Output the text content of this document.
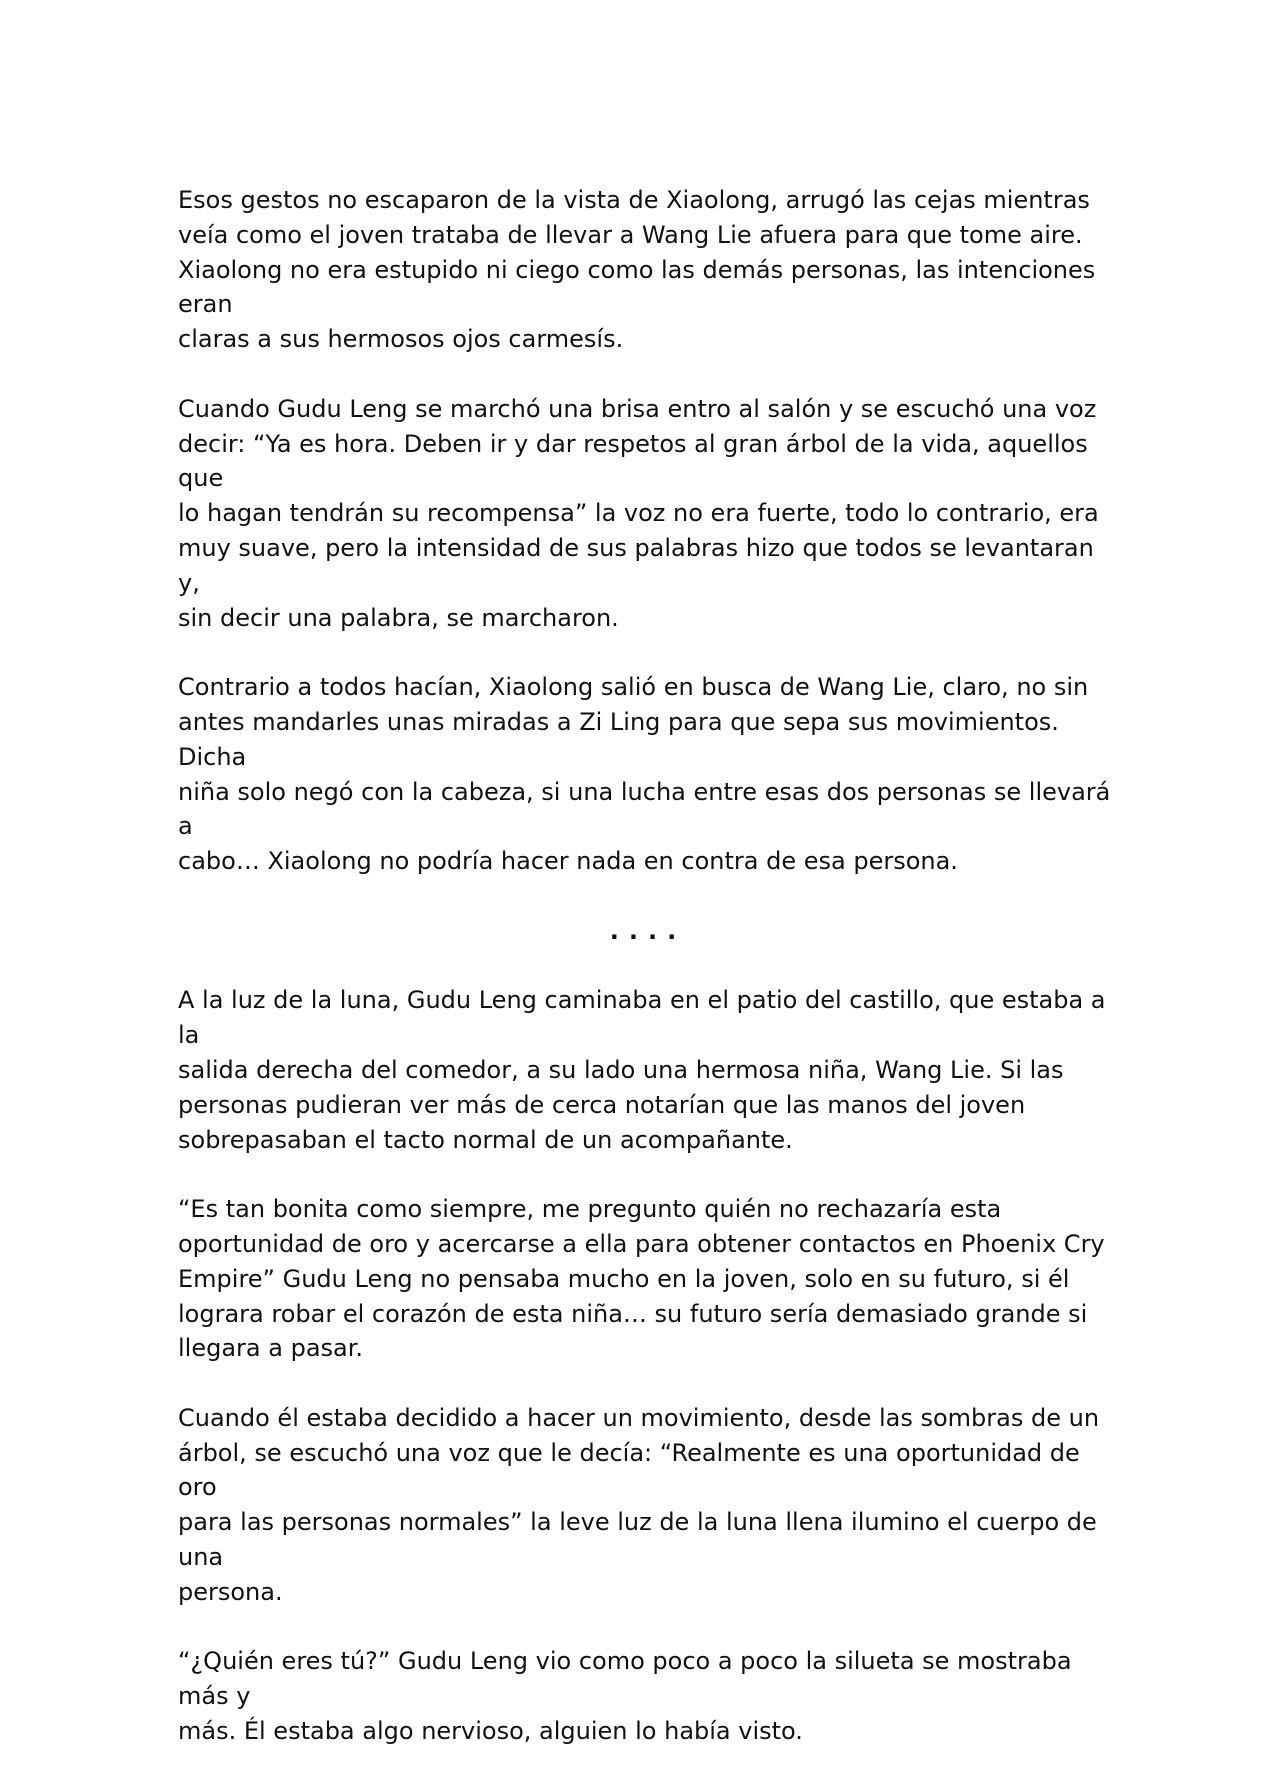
Esos gestos no escaparon de la vista de Xiaolong, arrugó las cejas mientras
veía como el joven trataba de llevar a Wang Lie afuera para que tome aire.
Xiaolong no era estupido ni ciego como las demás personas, las intenciones eran
claras a sus hermosos ojos carmesís.

Cuando Gudu Leng se marchó una brisa entro al salón y se escuchó una voz
decir: “Ya es hora. Deben ir y dar respetos al gran árbol de la vida, aquellos que
lo hagan tendrán su recompensa” la voz no era fuerte, todo lo contrario, era
muy suave, pero la intensidad de sus palabras hizo que todos se levantaran y,
sin decir una palabra, se marcharon.

Contrario a todos hacían, Xiaolong salió en busca de Wang Lie, claro, no sin
antes mandarles unas miradas a Zi Ling para que sepa sus movimientos. Dicha
niña solo negó con la cabeza, si una lucha entre esas dos personas se llevará a
cabo… Xiaolong no podría hacer nada en contra de esa persona.

....

A la luz de la luna, Gudu Leng caminaba en el patio del castillo, que estaba a la
salida derecha del comedor, a su lado una hermosa niña, Wang Lie. Si las
personas pudieran ver más de cerca notarían que las manos del joven
sobrepasaban el tacto normal de un acompañante.

“Es tan bonita como siempre, me pregunto quién no rechazaría esta
oportunidad de oro y acercarse a ella para obtener contactos en Phoenix Cry
Empire” Gudu Leng no pensaba mucho en la joven, solo en su futuro, si él
lograra robar el corazón de esta niña… su futuro sería demasiado grande si
llegara a pasar.

Cuando él estaba decidido a hacer un movimiento, desde las sombras de un
árbol, se escuchó una voz que le decía: “Realmente es una oportunidad de oro
para las personas normales” la leve luz de la luna llena ilumino el cuerpo de una
persona.

“¿Quién eres tú?” Gudu Leng vio como poco a poco la silueta se mostraba más y
más. Él estaba algo nervioso, alguien lo había visto.
